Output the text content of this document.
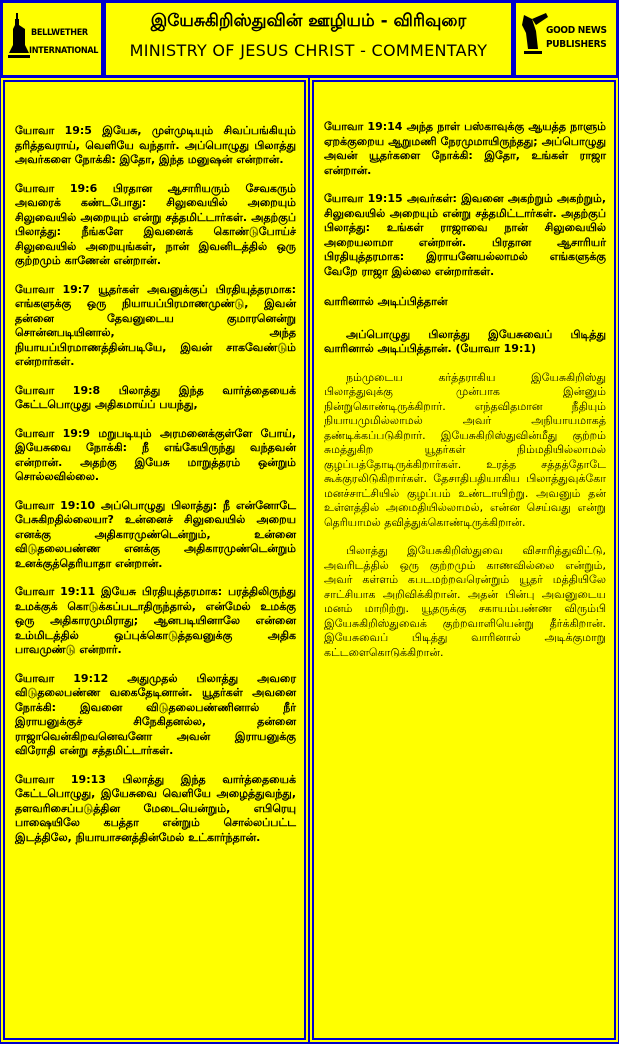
BELLWETHER
INTERNATIONAL
இயேசுகிறிஸ்துவின் ஊழியம் - விரிவுரை
MINISTRY OF JESUS CHRIST - COMMENTARY
GOOD NEWS
PUBLISHERS

யோவா 19:5 இயேசு, முள்முடியும் சிவப்பங்கியும் தரித்தவராய், வெளியே வந்தார். அப்பொழுது பிலாத்து அவர்களை நோக்கி: இதோ, இந்த மனுஷன் என்றான்.

யோவா 19:6 பிரதான ஆசாரியரும் சேவகரும் அவரைக் கண்டபோது: சிலுவையில் அறையும் சிலுவையில் அறையும் என்று சத்தமிட்டார்கள். அதற்குப் பிலாத்து: நீங்களே இவனைக் கொண்டுபோய்ச் சிலுவையில் அறையுங்கள், நான் இவனிடத்தில் ஒரு குற்றமும் காணேன் என்றான்.

யோவா 19:7 யூதர்கள் அவனுக்குப் பிரதியுத்தரமாக: எங்களுக்கு ஒரு நியாயப்பிரமாணமுண்டு, இவன் தன்னை தேவனுடைய குமாரனென்று சொன்னபடியினால், அந்த நியாயப்பிரமாணத்தின்படியே, இவன் சாகவேண்டும் என்றார்கள்.

யோவா 19:8 பிலாத்து இந்த வார்த்தையைக் கேட்டபொழுது அதிகமாய்ப் பயந்து,

யோவா 19:9 மறுபடியும் அரமனைக்குள்ளே போய், இயேசுவை நோக்கி: நீ எங்கேயிருந்து வந்தவன் என்றான். அதற்கு இயேசு மாறுத்தரம் ஒன்றும் சொல்லவில்லை.

யோவா 19:10 அப்பொழுது பிலாத்து: நீ என்னோடே பேசுகிறதில்லையா? உன்னைச் சிலுவையில் அறைய எனக்கு அதிகாரமுண்டென்றும், உன்னை விடுதலைபண்ண எனக்கு அதிகாரமுண்டென்றும் உனக்குத்தெரியாதா என்றான்.

யோவா 19:11 இயேசு பிரதியுத்தரமாக: பரத்திலிருந்து உமக்குக் கொடுக்கப்படாதிருந்தால், என்மேல் உமக்கு ஒரு அதிகாரமுமிராது; ஆனபடியினாலே என்னை உம்மிடத்தில் ஒப்புக்கொடுத்தவனுக்கு அதிக பாவமுண்டு என்றார்.

யோவா 19:12 அதுமுதல் பிலாத்து அவரை விடுதலைபண்ண வகைதேடினான். யூதர்கள் அவனை நோக்கி: இவனை விடுதலைபண்ணினால் நீர் இராயனுக்குச் சிநேகிதனல்ல, தன்னை ராஜாவென்கிறவனெவனோ அவன் இராயனுக்கு விரோதி என்று சத்தமிட்டார்கள்.

யோவா 19:13 பிலாத்து இந்த வார்த்தையைக் கேட்டபொழுது, இயேசுவை வெளியே அழைத்துவந்து, தளவரிசைப்படுத்தின மேடையென்றும், எபிரெயு பாஷையிலே கபத்தா என்றும் சொல்லப்பட்ட இடத்திலே, நியாயாசனத்தின்மேல் உட்கார்ந்தான்.

யோவா 19:14 அந்த நாள் பஸ்காவுக்கு ஆயத்த நாளும் ஏறக்குறைய ஆறுமணி நேரமுமாயிருந்தது; அப்பொழுது அவன் யூதர்களை நோக்கி: இதோ, உங்கள் ராஜா என்றான்.

யோவா 19:15 அவர்கள்: இவனை அகற்றும் அகற்றும், சிலுவையில் அறையும் என்று சத்தமிட்டார்கள். அதற்குப் பிலாத்து: உங்கள் ராஜாவை நான் சிலுவையில் அறையலாமா என்றான். பிரதான ஆசாரியர் பிரதியுத்தரமாக: இராயனேயல்லாமல் எங்களுக்கு வேறே ராஜா இல்லை என்றார்கள்.

வாரினால் அடிப்பித்தான்

அப்பொழுது பிலாத்து இயேசுவைப் பிடித்து வாரினால் அடிப்பித்தான். (யோவா 19:1)

நம்முடைய கர்த்தராகிய இயேசுகிறிஸ்து பிலாத்துவுக்கு முன்பாக இன்னும் நின்றுகொண்டிருக்கிறார். எந்தவிதமான நீதியும் நியாயமுமில்லாமல் அவர் அநியாயமாகத் தண்டிக்கப்படுகிறார். இயேசுகிறிஸ்துவின்மீது குற்றம் சுமத்துகிற யூதர்கள் நிம்மதியில்லாமல் குழப்பத்தோடிருக்கிறார்கள். உரத்த சத்தத்தோடே கூக்குரலிடுகிறார்கள். தேசாதிபதியாகிய பிலாத்துவுக்கோ மனச்சாட்சியில் குழப்பம் உண்டாயிற்று. அவனும் தன் உள்ளத்தில் அமைதியில்லாமல், என்ன செய்வது என்று தெரியாமல் தவித்துக்கொண்டிருக்கிறான்.

பிலாத்து இயேசுகிறிஸ்துவை விசாரித்துவிட்டு, அவரிடத்தில் ஒரு குற்றமும் காணவில்லை என்றும், அவர் கள்ளம் கபடமற்றவரென்றும் யூதர் மத்தியிலே சாட்சியாக அறிவிக்கிறான். அதன் பின்பு அவனுடைய மனம் மாறிற்று. யூதருக்கு சகாயம்பண்ண விரும்பி இயேசுகிறிஸ்துவைக் குற்றவாளியென்று தீர்க்கிறான். இயேசுவைப் பிடித்து வாரினால் அடிக்குமாறு கட்டளைகொடுக்கிறான்.
